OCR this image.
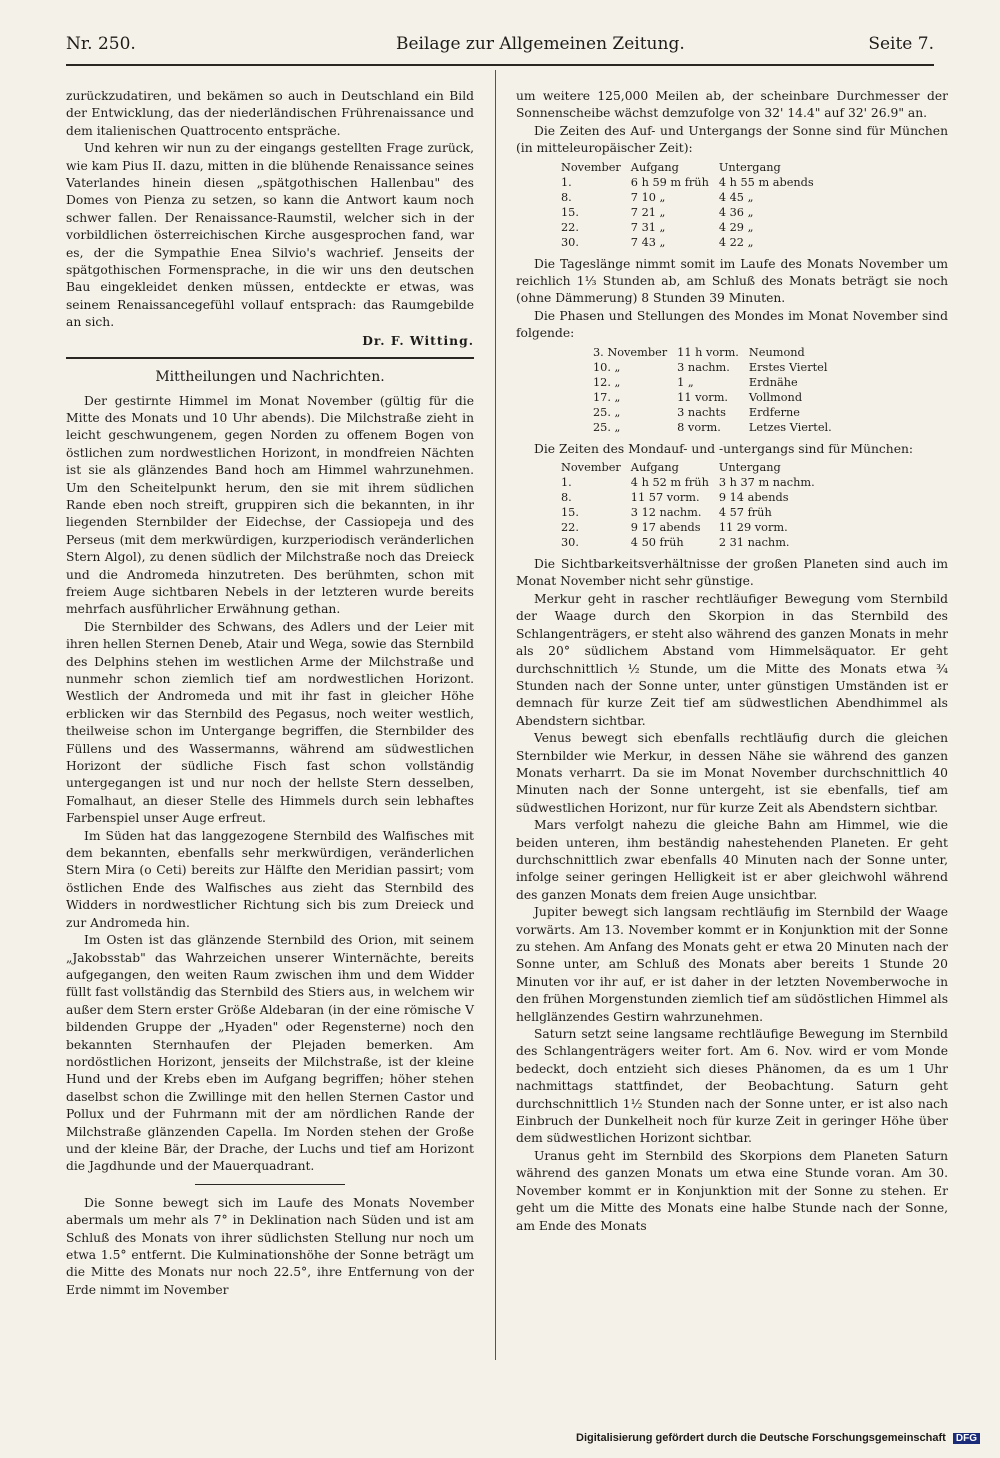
Nr. 250.	Beilage zur Allgemeinen Zeitung.	Seite 7.

zurückzudatiren, und bekämen so auch in Deutschland ein Bild der Entwicklung, das der niederländischen Frührenaissance und dem italienischen Quattrocento entspräche.

Und kehren wir nun zu der eingangs gestellten Frage zurück, wie kam Pius II. dazu, mitten in die blühende Renaissance seines Vaterlandes hinein diesen „spätgothischen Hallenbau" des Domes von Pienza zu setzen, so kann die Antwort kaum noch schwer fallen. Der Renaissance-Raumstil, welcher sich in der vorbildlichen österreichischen Kirche ausgesprochen fand, war es, der die Sympathie Enea Silvio's wachrief. Jenseits der spätgothischen Formensprache, in die wir uns den deutschen Bau eingekleidet denken müssen, entdeckte er etwas, was seinem Renaissancegefühl vollauf entsprach: das Raumgebilde an sich.

Dr. F. Witting.

Mittheilungen und Nachrichten.

Der gestirnte Himmel im Monat November (gültig für die Mitte des Monats und 10 Uhr abends). Die Milchstraße zieht in leicht geschwungenem, gegen Norden zu offenem Bogen von östlichen zum nordwestlichen Horizont, in mondfreien Nächten ist sie als glänzendes Band hoch am Himmel wahrzunehmen. Um den Scheitelpunkt herum, den sie mit ihrem südlichen Rande eben noch streift, gruppiren sich die bekannten, in ihr liegenden Sternbilder der Eidechse, der Cassiopeja und des Perseus (mit dem merkwürdigen, kurzperiodisch veränderlichen Stern Algol), zu denen südlich der Milchstraße noch das Dreieck und die Andromeda hinzutreten. Des berühmten, schon mit freiem Auge sichtbaren Nebels in der letzteren wurde bereits mehrfach ausführlicher Erwähnung gethan.

Die Sternbilder des Schwans, des Adlers und der Leier mit ihren hellen Sternen Deneb, Atair und Wega, sowie das Sternbild des Delphins stehen im westlichen Arme der Milchstraße und nunmehr schon ziemlich tief am nordwestlichen Horizont. Westlich der Andromeda und mit ihr fast in gleicher Höhe erblicken wir das Sternbild des Pegasus, noch weiter westlich, theilweise schon im Untergange begriffen, die Sternbilder des Füllens und des Wassermanns, während am südwestlichen Horizont der südliche Fisch fast schon vollständig untergegangen ist und nur noch der hellste Stern desselben, Fomalhaut, an dieser Stelle des Himmels durch sein lebhaftes Farbenspiel unser Auge erfreut.

Im Süden hat das langgezogene Sternbild des Walfisches mit dem bekannten, ebenfalls sehr merkwürdigen, veränderlichen Stern Mira (o Ceti) bereits zur Hälfte den Meridian passirt; vom östlichen Ende des Walfisches aus zieht das Sternbild des Widders in nordwestlicher Richtung sich bis zum Dreieck und zur Andromeda hin.

Im Osten ist das glänzende Sternbild des Orion, mit seinem „Jakobsstab" das Wahrzeichen unserer Winternächte, bereits aufgegangen, den weiten Raum zwischen ihm und dem Widder füllt fast vollständig das Sternbild des Stiers aus, in welchem wir außer dem Stern erster Größe Aldebaran (in der eine römische V bildenden Gruppe der „Hyaden" oder Regensterne) noch den bekannten Sternhaufen der Plejaden bemerken. Am nordöstlichen Horizont, jenseits der Milchstraße, ist der kleine Hund und der Krebs eben im Aufgang begriffen; höher stehen daselbst schon die Zwillinge mit den hellen Sternen Castor und Pollux und der Fuhrmann mit der am nördlichen Rande der Milchstraße glänzenden Capella. Im Norden stehen der Große und der kleine Bär, der Drache, der Luchs und tief am Horizont die Jagdhunde und der Mauerquadrant.

Die Sonne bewegt sich im Laufe des Monats November abermals um mehr als 7° in Deklination nach Süden und ist am Schluß des Monats von ihrer südlichsten Stellung nur noch um etwa 1.5° entfernt. Die Kulminationshöhe der Sonne beträgt um die Mitte des Monats nur noch 22.5°, ihre Entfernung von der Erde nimmt im November

um weitere 125,000 Meilen ab, der scheinbare Durchmesser der Sonnenscheibe wächst demzufolge von 32' 14.4" auf 32' 26.9" an.

Die Zeiten des Auf- und Untergangs der Sonne sind für München (in mitteleuropäischer Zeit):

November	Aufgang	Untergang
1.	6 h 59 m früh	4 h 55 m abends
8.	7 10 „	4 45 „
15.	7 21 „	4 36 „
22.	7 31 „	4 29 „
30.	7 43 „	4 22 „

Die Tageslänge nimmt somit im Laufe des Monats November um reichlich 1⅓ Stunden ab, am Schluß des Monats beträgt sie noch (ohne Dämmerung) 8 Stunden 39 Minuten.

Die Phasen und Stellungen des Mondes im Monat November sind folgende:

3. November	11 h vorm.	Neumond
10. „	3 nachm.	Erstes Viertel
12. „	1 „	Erdnähe
17. „	11 vorm.	Vollmond
25. „	3 nachts	Erdferne
25. „	8 vorm.	Letzes Viertel.

Die Zeiten des Mondauf- und -untergangs sind für München:

November	Aufgang	Untergang
1.	4 h 52 m früh	3 h 37 m nachm.
8.	11 57 vorm.	9 14 abends
15.	3 12 nachm.	4 57 früh
22.	9 17 abends	11 29 vorm.
30.	4 50 früh	2 31 nachm.

Die Sichtbarkeitsverhältnisse der großen Planeten sind auch im Monat November nicht sehr günstige.

Merkur geht in rascher rechtläufiger Bewegung vom Sternbild der Waage durch den Skorpion in das Sternbild des Schlangenträgers, er steht also während des ganzen Monats in mehr als 20° südlichem Abstand vom Himmelsäquator. Er geht durchschnittlich ½ Stunde, um die Mitte des Monats etwa ¾ Stunden nach der Sonne unter, unter günstigen Umständen ist er demnach für kurze Zeit tief am südwestlichen Abendhimmel als Abendstern sichtbar.

Venus bewegt sich ebenfalls rechtläufig durch die gleichen Sternbilder wie Merkur, in dessen Nähe sie während des ganzen Monats verharrt. Da sie im Monat November durchschnittlich 40 Minuten nach der Sonne untergeht, ist sie ebenfalls, tief am südwestlichen Horizont, nur für kurze Zeit als Abendstern sichtbar.

Mars verfolgt nahezu die gleiche Bahn am Himmel, wie die beiden unteren, ihm beständig nahestehenden Planeten. Er geht durchschnittlich zwar ebenfalls 40 Minuten nach der Sonne unter, infolge seiner geringen Helligkeit ist er aber gleichwohl während des ganzen Monats dem freien Auge unsichtbar.

Jupiter bewegt sich langsam rechtläufig im Sternbild der Waage vorwärts. Am 13. November kommt er in Konjunktion mit der Sonne zu stehen. Am Anfang des Monats geht er etwa 20 Minuten nach der Sonne unter, am Schluß des Monats aber bereits 1 Stunde 20 Minuten vor ihr auf, er ist daher in der letzten Novemberwoche in den frühen Morgenstunden ziemlich tief am südöstlichen Himmel als hellglänzendes Gestirn wahrzunehmen.

Saturn setzt seine langsame rechtläufige Bewegung im Sternbild des Schlangenträgers weiter fort. Am 6. Nov. wird er vom Monde bedeckt, doch entzieht sich dieses Phänomen, da es um 1 Uhr nachmittags stattfindet, der Beobachtung. Saturn geht durchschnittlich 1½ Stunden nach der Sonne unter, er ist also nach Einbruch der Dunkelheit noch für kurze Zeit in geringer Höhe über dem südwestlichen Horizont sichtbar.

Uranus geht im Sternbild des Skorpions dem Planeten Saturn während des ganzen Monats um etwa eine Stunde voran. Am 30. November kommt er in Konjunktion mit der Sonne zu stehen. Er geht um die Mitte des Monats eine halbe Stunde nach der Sonne, am Ende des Monats

Digitalisierung gefördert durch die Deutsche Forschungsgemeinschaft DFG
